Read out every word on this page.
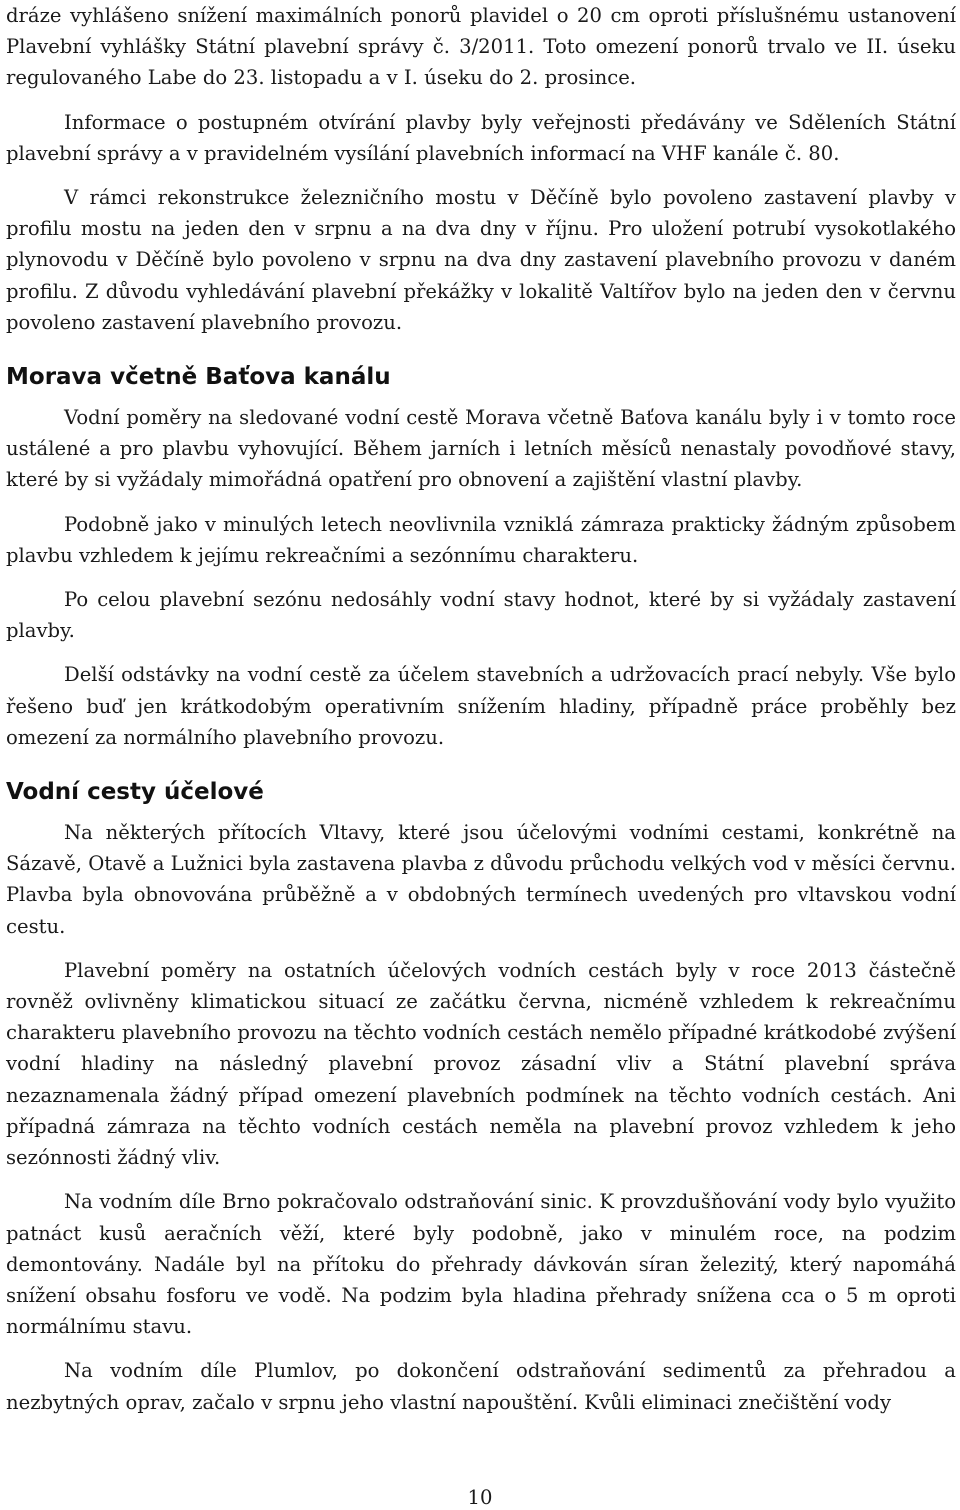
dráze vyhlášeno snížení maximálních ponorů plavidel o 20 cm oproti příslušnému ustanovení Plavební vyhlášky Státní plavební správy č. 3/2011. Toto omezení ponorů trvalo ve II. úseku regulovaného Labe do 23. listopadu a v I. úseku do 2. prosince.

Informace o postupném otvírání plavby byly veřejnosti předávány ve Sděleních Státní plavební správy a v pravidelném vysílání plavebních informací na VHF kanále č. 80.

V rámci rekonstrukce železničního mostu v Děčíně bylo povoleno zastavení plavby v profilu mostu na jeden den v srpnu a na dva dny v říjnu. Pro uložení potrubí vysokotlakého plynovodu v Děčíně bylo povoleno v srpnu na dva dny zastavení plavebního provozu v daném profilu. Z důvodu vyhledávání plavební překážky v lokalitě Valtířov bylo na jeden den v červnu povoleno zastavení plavebního provozu.

Morava včetně Baťova kanálu

Vodní poměry na sledované vodní cestě Morava včetně Baťova kanálu byly i v tomto roce ustálené a pro plavbu vyhovující. Během jarních i letních měsíců nenastaly povodňové stavy, které by si vyžádaly mimořádná opatření pro obnovení a zajištění vlastní plavby.

Podobně jako v minulých letech neovlivnila vzniklá zámraza prakticky žádným způsobem plavbu vzhledem k jejímu rekreačními a sezónnímu charakteru.

Po celou plavební sezónu nedosáhly vodní stavy hodnot, které by si vyžádaly zastavení plavby.

Delší odstávky na vodní cestě za účelem stavebních a udržovacích prací nebyly. Vše bylo řešeno buď jen krátkodobým operativním snížením hladiny, případně práce proběhly bez omezení za normálního plavebního provozu.

Vodní cesty účelové

Na některých přítocích Vltavy, které jsou účelovými vodními cestami, konkrétně na Sázavě, Otavě a Lužnici byla zastavena plavba z důvodu průchodu velkých vod v měsíci červnu. Plavba byla obnovována průběžně a v obdobných termínech uvedených pro vltavskou vodní cestu.

Plavební poměry na ostatních účelových vodních cestách byly v roce 2013 částečně rovněž ovlivněny klimatickou situací ze začátku června, nicméně vzhledem k rekreačnímu charakteru plavebního provozu na těchto vodních cestách nemělo případné krátkodobé zvýšení vodní hladiny na následný plavební provoz zásadní vliv a Státní plavební správa nezaznamenala žádný případ omezení plavebních podmínek na těchto vodních cestách. Ani případná zámraza na těchto vodních cestách neměla na plavební provoz vzhledem k jeho sezónnosti žádný vliv.

Na vodním díle Brno pokračovalo odstraňování sinic. K provzdušňování vody bylo využito patnáct kusů aeračních věží, které byly podobně, jako v minulém roce, na podzim demontovány. Nadále byl na přítoku do přehrady dávkován síran železitý, který napomáhá snížení obsahu fosforu ve vodě. Na podzim byla hladina přehrady snížena cca o 5 m oproti normálnímu stavu.

Na vodním díle Plumlov, po dokončení odstraňování sedimentů za přehradou a nezbytných oprav, začalo v srpnu jeho vlastní napouštění. Kvůli eliminaci znečištění vody

10
